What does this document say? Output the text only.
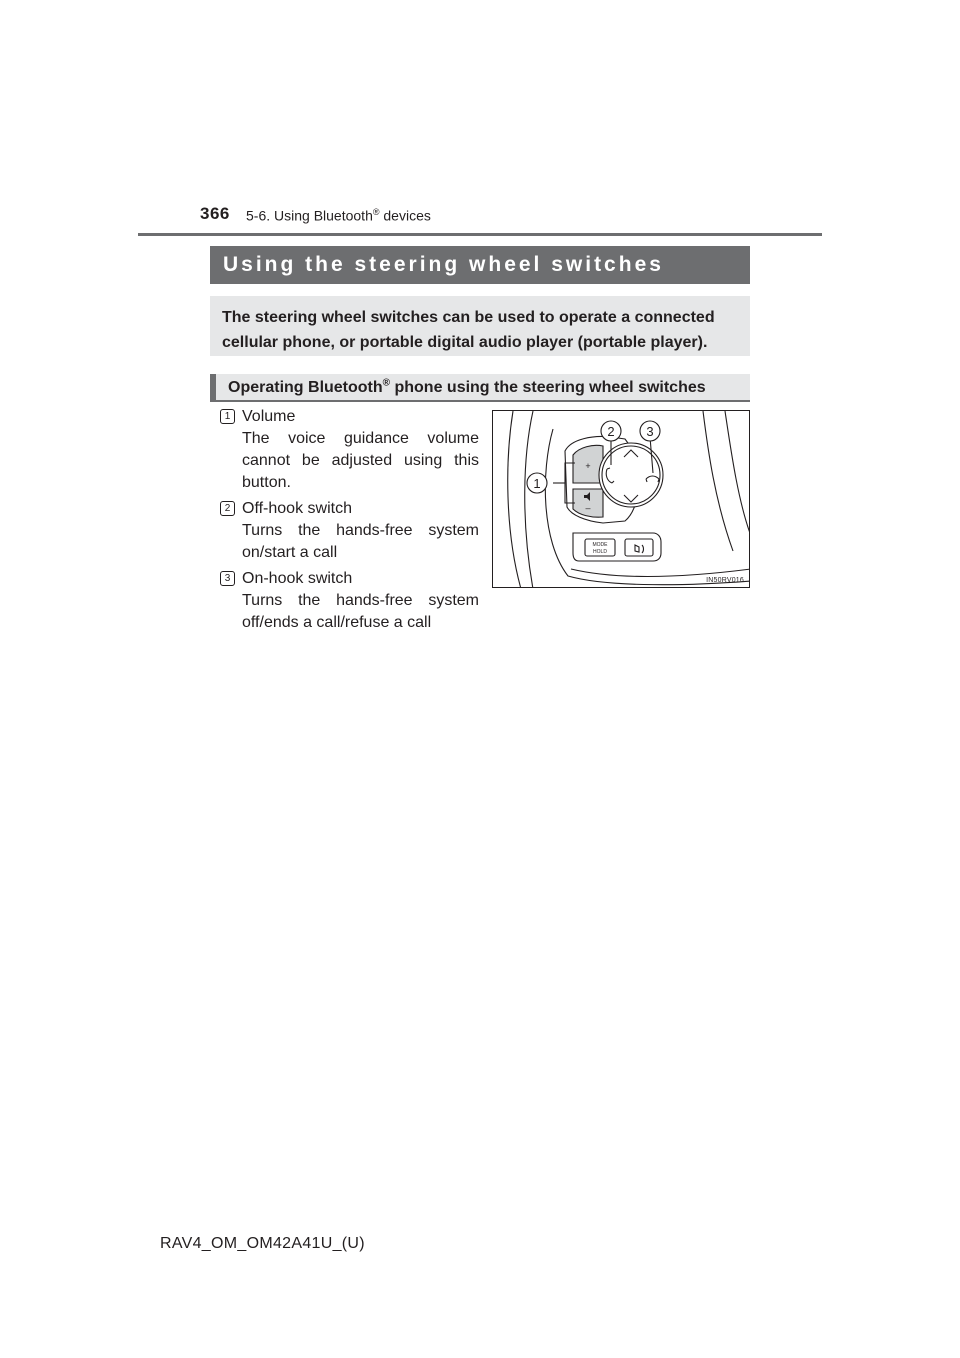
366 5-6. Using Bluetooth® devices
Using the steering wheel switches
The steering wheel switches can be used to operate a connected cellular phone, or portable digital audio player (portable player).
Operating Bluetooth® phone using the steering wheel switches
1 Volume
The voice guidance volume cannot be adjusted using this button.
2 Off-hook switch
Turns the hands-free system on/start a call
3 On-hook switch
Turns the hands-free system off/ends a call/refuse a call
1
2 3
+
–
MODE
HOLD
IN50RV016
RAV4_OM_OM42A41U_(U)
